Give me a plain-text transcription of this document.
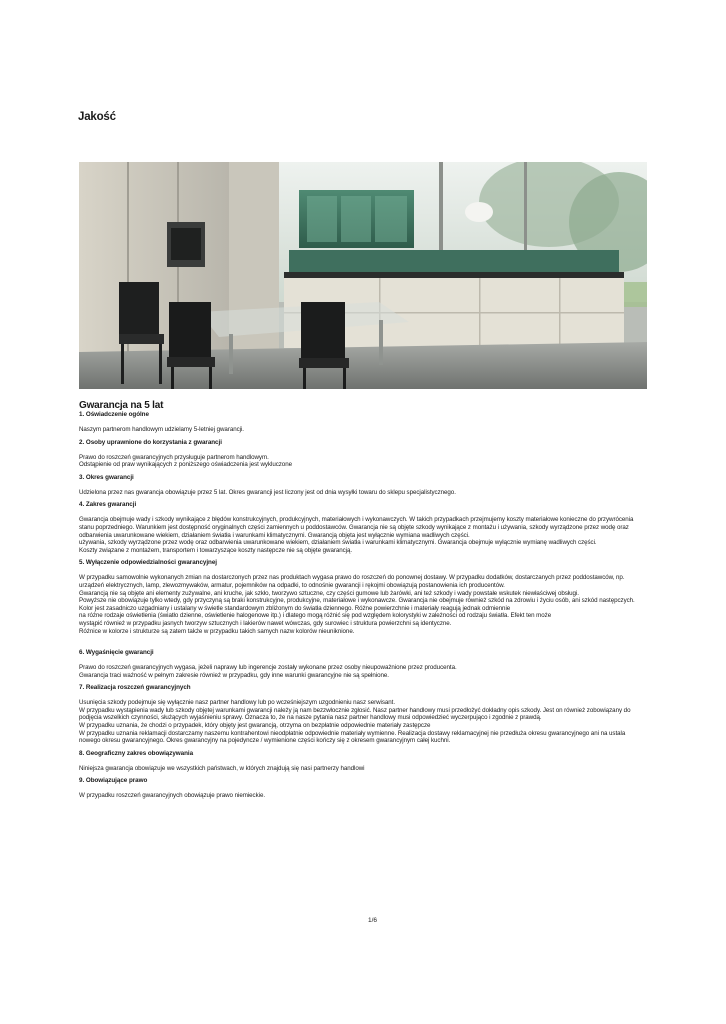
Jakość
Gwarancja na 5 lat
1. Oświadczenie ogólne

Naszym partnerom handlowym udzielamy 5-letniej gwarancji.

2. Osoby uprawnione do korzystania z gwarancji

Prawo do roszczeń gwarancyjnych przysługuje partnerom handlowym.

Odstąpienie od praw wynikających z poniższego oświadczenia jest wykluczone

3. Okres gwarancji

Udzielona przez nas gwarancja obowiązuje przez 5 lat. Okres gwarancji jest liczony jest od dnia wysyłki towaru do sklepu specjalistycznego.

4. Zakres gwarancji

Gwarancja obejmuje wady i szkody wynikające z błędów konstrukcyjnych, produkcyjnych, materiałowych i wykonawczych. W takich przypadkach przejmujemy koszty materiałowe konieczne do przywrócenia stanu poprzedniego. Warunkiem jest dostępność oryginalnych części zamiennych u poddostawców. Gwarancja nie są objęte szkody wynikające z montażu i używania, szkody wyrządzone przez wodę oraz odbarwienia uwarunkowane wiekiem, działaniem światła i warunkami klimatycznymi. Gwarancją objęta jest wyłącznie wymiana wadliwych części.

używania, szkody wyrządzone przez wodę oraz odbarwienia uwarunkowane wiekiem, działaniem światła i warunkami klimatycznymi. Gwarancja obejmuje wyłącznie wymianę wadliwych części.

Koszty związane z montażem, transportem i towarzyszące koszty następcze nie są objęte gwarancją.

5. Wyłączenie odpowiedzialności gwarancyjnej

W przypadku samowolnie wykonanych zmian na dostarczonych przez nas produktach wygasa prawo do roszczeń do ponownej dostawy. W przypadku dodatków, dostarczanych przez poddostawców, np. urządzeń elektrycznych, lamp, zlewozmywaków, armatur, pojemników na odpadki, to odnośnie gwarancji i rękojmi obowiązują postanowienia ich producentów.

Gwarancją nie są objęte ani elementy zużywalne, ani kruche, jak szkło, tworzywo sztuczne, czy części gumowe lub żarówki, ani też szkody i wady powstałe wskutek niewłaściwej obsługi.

Powyższe nie obowiązuje tylko wtedy, gdy przyczyną są braki konstrukcyjne, produkcyjne, materiałowe i wykonawcze. Gwarancja nie obejmuje również szkód na zdrowiu i życiu osób, ani szkód następczych. Kolor jest zasadniczo uzgadniany i ustalany w świetle standardowym zbliżonym do światła dziennego. Różne powierzchnie i materiały reagują jednak odmiennie

na różne rodzaje oświetlenia (światło dzienne, oświetlenie halogenowe itp.) i dlatego mogą różnić się pod względem kolorystyki w zależności od rodzaju światła. Efekt ten może

wystąpić również w przypadku jasnych tworzyw sztucznych i lakierów nawet wówczas, gdy surowiec i struktura powierzchni są identyczne.

Różnice w kolorze i strukturze są zatem także w przypadku takich samych nazw kolorów nieuniknione.

6. Wygaśnięcie gwarancji

Prawo do roszczeń gwarancyjnych wygasa, jeżeli naprawy lub ingerencje zostały wykonane przez osoby nieupoważnione przez producenta.

Gwarancja traci ważność w pełnym zakresie również w przypadku, gdy inne warunki gwarancyjne nie są spełnione.

7. Realizacja roszczeń gwarancyjnych

Usunięcia szkody podejmuje się wyłącznie nasz partner handlowy lub po wcześniejszym uzgodnieniu nasz serwisant.

W przypadku wystąpienia wady lub szkody objętej warunkami gwarancji należy ją nam bezzwłocznie zgłosić. Nasz partner handlowy musi przedłożyć dokładny opis szkody. Jest on również zobowiązany do podjęcia wszelkich czynności, służących wyjaśnieniu sprawy. Oznacza to, że na nasze pytania nasz partner handlowy musi odpowiedzieć wyczerpująco i zgodnie z prawdą.

W przypadku uznania, że chodzi o przypadek, który objęty jest gwarancją, otrzyma on bezpłatnie odpowiednie materiały zastępcze

W przypadku uznania reklamacji dostarczamy naszemu kontrahentowi nieodpłatnie odpowiednie materiały wymienne. Realizacja dostawy reklamacyjnej nie przedłuża okresu gwarancyjnego ani na ustala nowego okresu gwarancyjnego. Okres gwarancyjny na pojedyncze / wymienione części kończy się z okresem gwarancyjnym całej kuchni.

8. Geograficzny zakres obowiązywania

Niniejsza gwarancja obowiązuje we wszystkich państwach, w których znajdują się nasi partnerzy handlowi

9. Obowiązujące prawo

W przypadku roszczeń gwarancyjnych obowiązuje prawo niemieckie.

1/6
